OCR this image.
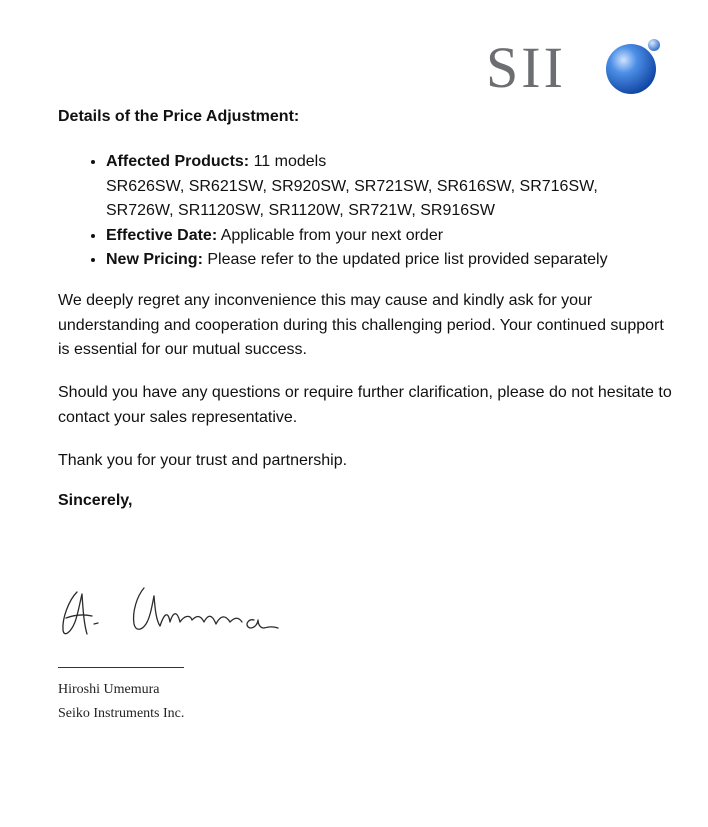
SII
Details of the Price Adjustment:
• Affected Products: 11 models
SR626SW, SR621SW, SR920SW, SR721SW, SR616SW, SR716SW,
SR726W, SR1120SW, SR1120W, SR721W, SR916SW
• Effective Date: Applicable from your next order
• New Pricing: Please refer to the updated price list provided separately

We deeply regret any inconvenience this may cause and kindly ask for your understanding and cooperation during this challenging period. Your continued support is essential for our mutual success.

Should you have any questions or require further clarification, please do not hesitate to contact your sales representative.

Thank you for your trust and partnership.

Sincerely,
Hiroshi Umemura
Seiko Instruments Inc.
